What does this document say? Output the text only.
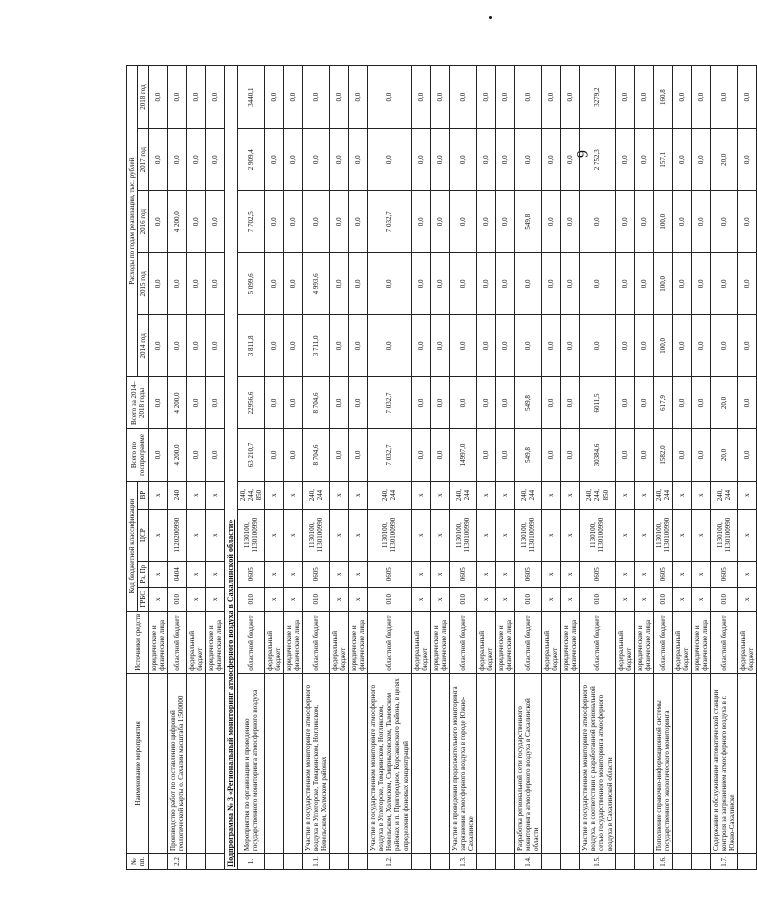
6
№ пп.	Наименование мероприятия	Источники средств	Код бюджетной классификации				Всего по госпрограмме	Всего за 2014–2018 годы	Расходы по годам реализации, тыс. рублей				
			ГРБС	Рз, Пр	ЦСР	ВР			2014 год	2015 год	2016 год	2017 год	2018 год
		юридические и физические лица	х	х	х	х	0,0	0,0	0,0	0,0	0,0	0,0	0,0
2.2	Производство работ по составлению цифровой геологической карты о. Сахалин масштаба 1:500000	областной бюджет	010	0404	1120200990	240	4 200,0	4 200,0	0,0	0,0	4 200,0	0,0	0,0
		федеральный бюджет	х	х	х	х	0,0	0,0	0,0	0,0	0,0	0,0	0,0
		юридические и физические лица	х	х	х	х	0,0	0,0	0,0	0,0	0,0	0,0	0,0
Подпрограмма № 3 «Региональный мониторинг атмосферного воздуха в Сахалинской области»													
1.	Мероприятия по организации и проведению государственного мониторинга атмосферного воздуха	областной бюджет	010	0605	1130100, 1130100990	240, 244, 850	63 210,7	22956,6	3 811,8	5 099,6	7 702,5	2 909,4	3440,1
		федеральный бюджет	х	х	х	х	0,0	0,0	0,0	0,0	0,0	0,0	0,0
		юридические и физические лица	х	х	х	х	0,0	0,0	0,0	0,0	0,0	0,0	0,0
1.1.	Участие в государственном мониторинге атмосферного воздуха в Углегорске, Томаринском, Ногликском, Невельском, Холмском районах	областной бюджет	010	0605	1130100, 1130100990	240, 244	8 704,6	8 704,6	3 711,0	4 993,6	0,0	0,0	0,0
		федеральный бюджет	х	х	х	х	0,0	0,0	0,0	0,0	0,0	0,0	0,0
		юридические и физические лица	х	х	х	х	0,0	0,0	0,0	0,0	0,0	0,0	0,0
1.2.	Участие в государственном мониторинге атмосферного воздуха в Углегорске, Томаринском, Ногликском, Невельском, Холмском, Смирныховском, Тымовском районах и п. Пригородное, Корсаковского района, в целях определения фоновых концентраций	областной бюджет	010	0605	1130100, 1130100990	240, 244	7 032,7	7 032,7	0,0	0,0	7 032,7	0,0	0,0
		федеральный бюджет	х	х	х	х	0,0	0,0	0,0	0,0	0,0	0,0	0,0
		юридические и физические лица	х	х	х	х	0,0	0,0	0,0	0,0	0,0	0,0	0,0
1.3.	Участие в проведении продолжительного мониторинга загрязнения атмосферного воздуха в городе Южно-Сахалинске	областной бюджет	010	0605	1130100, 1130100990	240, 244	14997,0	0,0	0,0	0,0	0,0	0,0	0,0
		федеральный бюджет	х	х	х	х	0,0	0,0	0,0	0,0	0,0	0,0	0,0
		юридические и физические лица	х	х	х	х	0,0	0,0	0,0	0,0	0,0	0,0	0,0
1.4.	Разработка региональной сети государственного мониторинга атмосферного воздуха в Сахалинской области	областной бюджет	010	0605	1130100, 1130100990	240, 244	549,8	549,8	0,0	0,0	549,8	0,0	0,0
		федеральный бюджет	х	х	х	х	0,0	0,0	0,0	0,0	0,0	0,0	0,0
		юридические и физические лица	х	х	х	х	0,0	0,0	0,0	0,0	0,0	0,0	0,0
1.5.	Участие в государственном мониторинге атмосферного воздуха, в соответствии с разработанной региональной сетью государственного мониторинга атмосферного воздуха в Сахалинской области	областной бюджет	010	0605	1130100, 1130100990	240, 244, 850	30384,6	6011,5	0,0	0,0	0,0	2 752,3	3279,2
		федеральный бюджет	х	х	х	х	0,0	0,0	0,0	0,0	0,0	0,0	0,0
		юридические и физические лица	х	х	х	х	0,0	0,0	0,0	0,0	0,0	0,0	0,0
1.6.	Пополнение справочно-информационной системы государственного экологического мониторинга	областной бюджет	010	0605	1130100, 1130100990	240, 244	1582,0	617,9	100,0	100,0	100,0	157,1	160,8
		федеральный бюджет	х	х	х	х	0,0	0,0	0,0	0,0	0,0	0,0	0,0
		юридические и физические лица	х	х	х	х	0,0	0,0	0,0	0,0	0,0	0,0	0,0
1.7.	Содержание и обслуживание автоматической станции контроля за загрязнением атмосферного воздуха в г. Южно-Сахалинске	областной бюджет	010	0605	1130100, 1130100990	240, 244	20,0	20,0	0,0	0,0	0,0	20,0	0,0
		федеральный бюджет	х	х	х	х	0,0	0,0	0,0	0,0	0,0	0,0	0,0
